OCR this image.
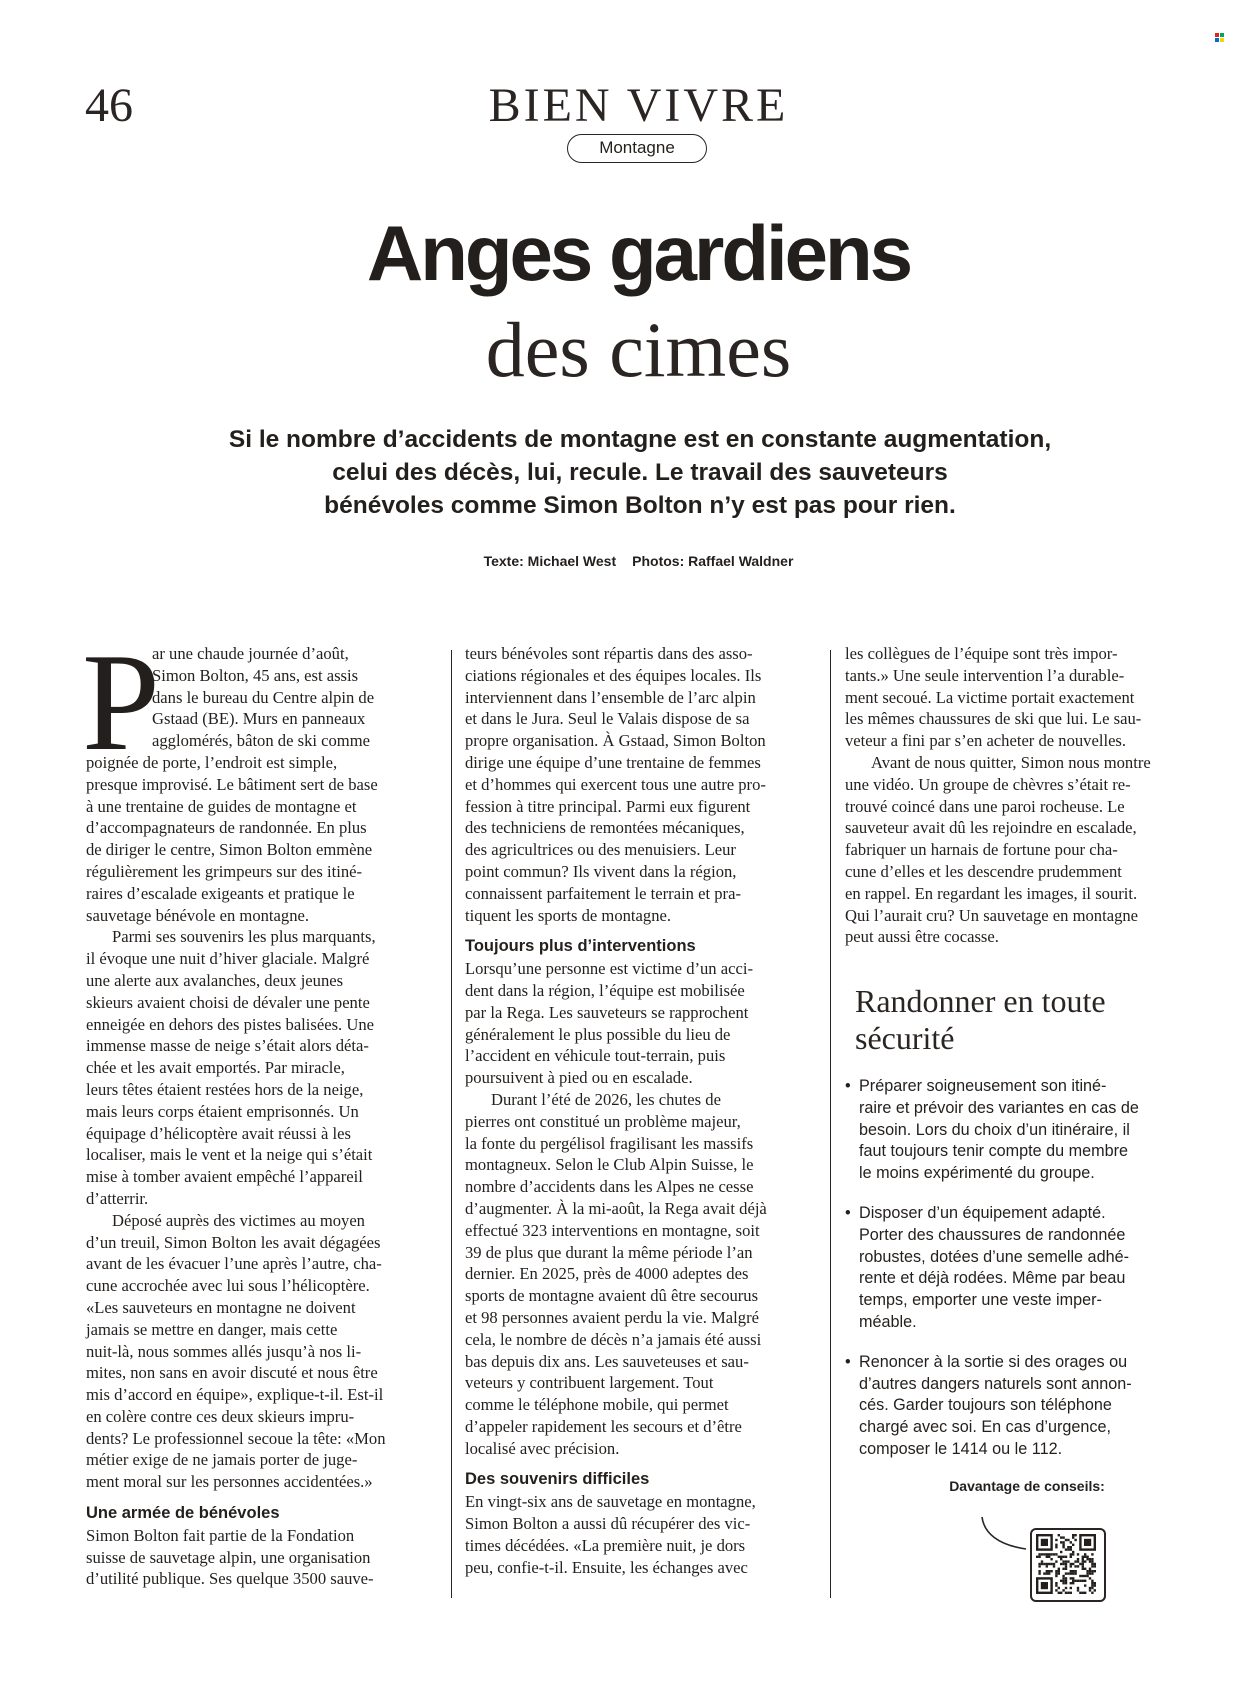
46	BIEN VIVRE
Montagne
Anges gardiens
des cimes
Si le nombre d’accidents de montagne est en constante augmentation,
celui des décès, lui, recule. Le travail des sauveteurs
bénévoles comme Simon Bolton n’y est pas pour rien.
Texte: Michael West Photos: Raffael Waldner
P
ar une chaude journée d’août,
Simon Bolton, 45 ans, est assis
dans le bureau du Centre alpin de
Gstaad (BE). Murs en panneaux
agglomérés, bâton de ski comme
poignée de porte, l’endroit est simple,
presque improvisé. Le bâtiment sert de base
à une trentaine de guides de montagne et
d’accompagnateurs de randonnée. En plus
de diriger le centre, Simon Bolton emmène
régulièrement les grimpeurs sur des itiné-
raires d’escalade exigeants et pratique le
sauvetage bénévole en montagne.
Parmi ses souvenirs les plus marquants,
il évoque une nuit d’hiver glaciale. Malgré
une alerte aux avalanches, deux jeunes
skieurs avaient choisi de dévaler une pente
enneigée en dehors des pistes balisées. Une
immense masse de neige s’était alors déta-
chée et les avait emportés. Par miracle,
leurs têtes étaient restées hors de la neige,
mais leurs corps étaient emprisonnés. Un
équipage d’hélicoptère avait réussi à les
localiser, mais le vent et la neige qui s’était
mise à tomber avaient empêché l’appareil
d’atterrir.
Déposé auprès des victimes au moyen
d’un treuil, Simon Bolton les avait dégagées
avant de les évacuer l’une après l’autre, cha-
cune accrochée avec lui sous l’hélicoptère.
«Les sauveteurs en montagne ne doivent
jamais se mettre en danger, mais cette
nuit-là, nous sommes allés jusqu’à nos li-
mites, non sans en avoir discuté et nous être
mis d’accord en équipe», explique-t-il. Est-il
en colère contre ces deux skieurs impru-
dents? Le professionnel secoue la tête: «Mon
métier exige de ne jamais porter de juge-
ment moral sur les personnes accidentées.»
Une armée de bénévoles
Simon Bolton fait partie de la Fondation
suisse de sauvetage alpin, une organisation
d’utilité publique. Ses quelque 3500 sauve-
teurs bénévoles sont répartis dans des asso-
ciations régionales et des équipes locales. Ils
interviennent dans l’ensemble de l’arc alpin
et dans le Jura. Seul le Valais dispose de sa
propre organisation. À Gstaad, Simon Bolton
dirige une équipe d’une trentaine de femmes
et d’hommes qui exercent tous une autre pro-
fession à titre principal. Parmi eux figurent
des techniciens de remontées mécaniques,
des agricultrices ou des menuisiers. Leur
point commun? Ils vivent dans la région,
connaissent parfaitement le terrain et pra-
tiquent les sports de montagne.
Toujours plus d’interventions
Lorsqu’une personne est victime d’un acci-
dent dans la région, l’équipe est mobilisée
par la Rega. Les sauveteurs se rapprochent
généralement le plus possible du lieu de
l’accident en véhicule tout-terrain, puis
poursuivent à pied ou en escalade.
Durant l’été de 2026, les chutes de
pierres ont constitué un problème majeur,
la fonte du pergélisol fragilisant les massifs
montagneux. Selon le Club Alpin Suisse, le
nombre d’accidents dans les Alpes ne cesse
d’augmenter. À la mi-août, la Rega avait déjà
effectué 323 interventions en montagne, soit
39 de plus que durant la même période l’an
dernier. En 2025, près de 4000 adeptes des
sports de montagne avaient dû être secourus
et 98 personnes avaient perdu la vie. Malgré
cela, le nombre de décès n’a jamais été aussi
bas depuis dix ans. Les sauveteuses et sau-
veteurs y contribuent largement. Tout
comme le téléphone mobile, qui permet
d’appeler rapidement les secours et d’être
localisé avec précision.
Des souvenirs difficiles
En vingt-six ans de sauvetage en montagne,
Simon Bolton a aussi dû récupérer des vic-
times décédées. «La première nuit, je dors
peu, confie-t-il. Ensuite, les échanges avec
les collègues de l’équipe sont très impor-
tants.» Une seule intervention l’a durable-
ment secoué. La victime portait exactement
les mêmes chaussures de ski que lui. Le sau-
veteur a fini par s’en acheter de nouvelles.
Avant de nous quitter, Simon nous montre
une vidéo. Un groupe de chèvres s’était re-
trouvé coincé dans une paroi rocheuse. Le
sauveteur avait dû les rejoindre en escalade,
fabriquer un harnais de fortune pour cha-
cune d’elles et les descendre prudemment
en rappel. En regardant les images, il sourit.
Qui l’aurait cru? Un sauvetage en montagne
peut aussi être cocasse.
Randonner en toute
sécurité
• Préparer soigneusement son itiné-
raire et prévoir des variantes en cas de
besoin. Lors du choix d’un itinéraire, il
faut toujours tenir compte du membre
le moins expérimenté du groupe.
• Disposer d’un équipement adapté.
Porter des chaussures de randonnée
robustes, dotées d’une semelle adhé-
rente et déjà rodées. Même par beau
temps, emporter une veste imper-
méable.
• Renoncer à la sortie si des orages ou
d’autres dangers naturels sont annon-
cés. Garder toujours son téléphone
chargé avec soi. En cas d’urgence,
composer le 1414 ou le 112.
Davantage de conseils:
